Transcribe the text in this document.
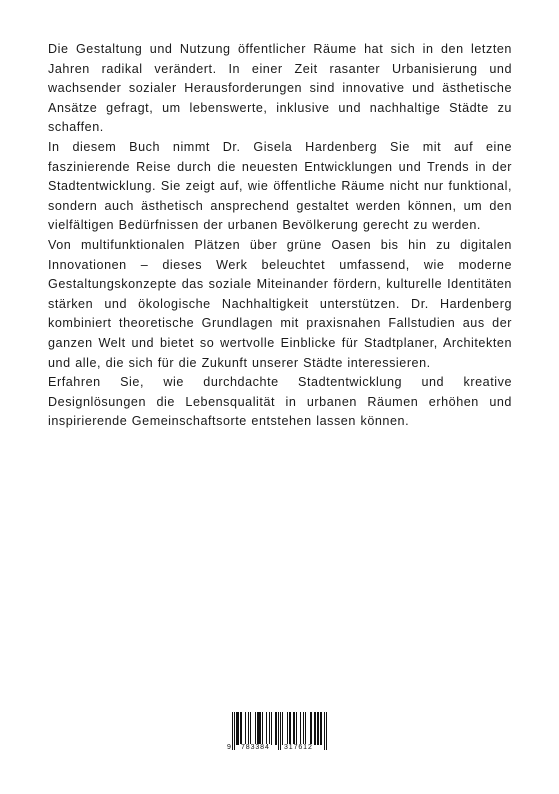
Die Gestaltung und Nutzung öffentlicher Räume hat sich in den letzten Jahren radikal verändert. In einer Zeit rasanter Urbanisierung und wachsender sozialer Herausforderungen sind innovative und ästhetische Ansätze gefragt, um lebenswerte, inklusive und nachhaltige Städte zu schaffen.

In diesem Buch nimmt Dr. Gisela Hardenberg Sie mit auf eine faszinierende Reise durch die neuesten Entwicklungen und Trends in der Stadtentwicklung. Sie zeigt auf, wie öffentliche Räume nicht nur funktional, sondern auch ästhetisch ansprechend gestaltet werden können, um den vielfältigen Bedürfnissen der urbanen Bevölkerung gerecht zu werden.

Von multifunktionalen Plätzen über grüne Oasen bis hin zu digitalen Innovationen – dieses Werk beleuchtet umfassend, wie moderne Gestaltungskonzepte das soziale Miteinander fördern, kulturelle Identitäten stärken und ökologische Nachhaltigkeit unterstützen. Dr. Hardenberg kombiniert theoretische Grundlagen mit praxisnahen Fallstudien aus der ganzen Welt und bietet so wertvolle Einblicke für Stadtplaner, Architekten und alle, die sich für die Zukunft unserer Städte interessieren.

Erfahren Sie, wie durchdachte Stadtentwicklung und kreative Designlösungen die Lebensqualität in urbanen Räumen erhöhen und inspirierende Gemeinschaftsorte entstehen lassen können.

9 783384 317612
